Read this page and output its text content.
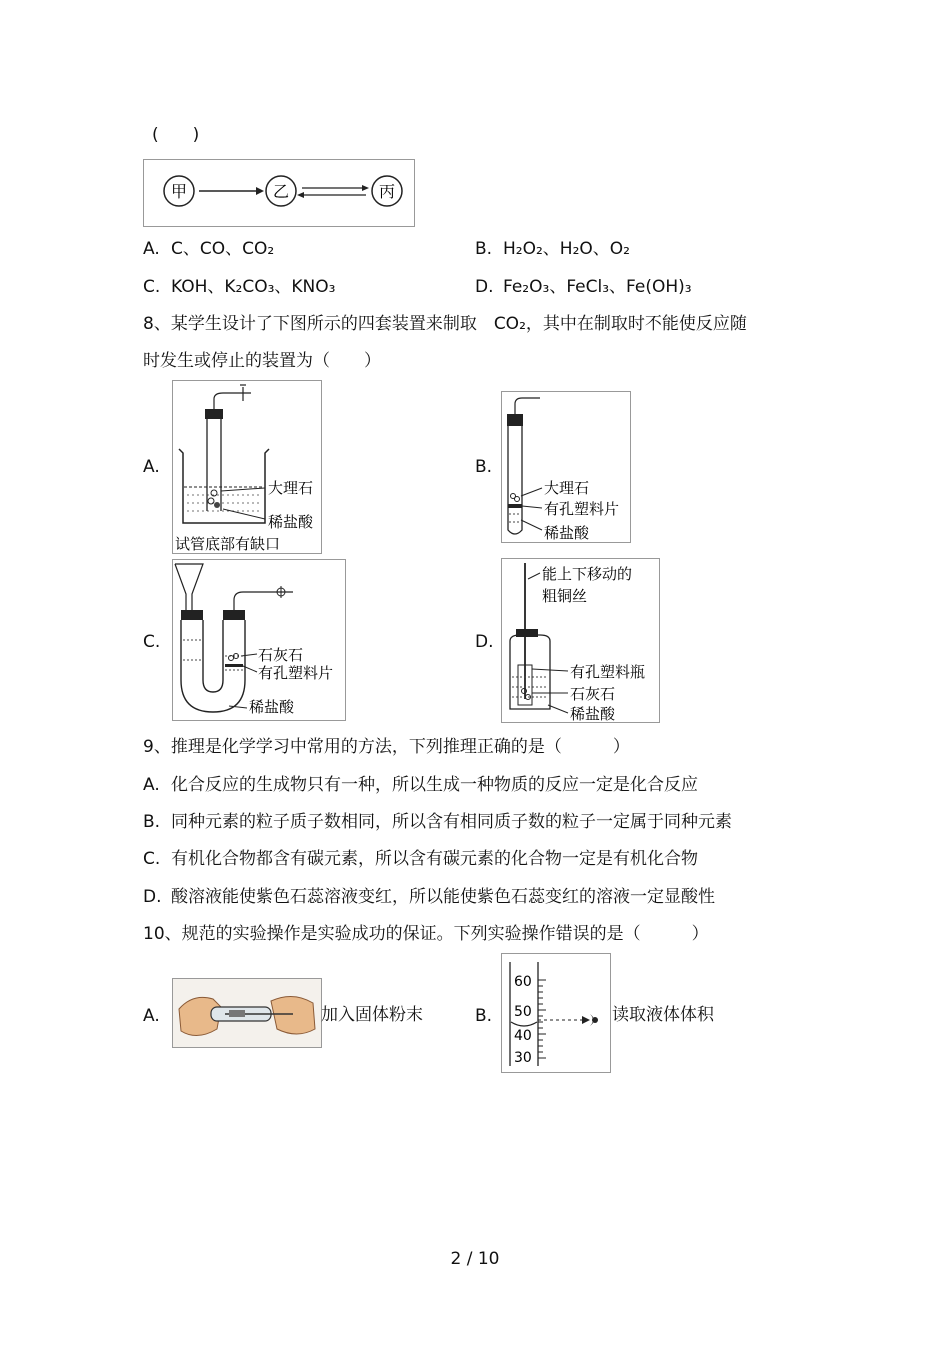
(　　)
甲	乙	丙
A. C、CO、CO₂	B. H₂O₂、H₂O、O₂
C. KOH、K₂CO₃、KNO₃	D. Fe₂O₃、FeCl₃、Fe(OH)₃
8、某学生设计了下图所示的四套装置来制取　CO₂，其中在制取时不能使反应随
时发生或停止的装置为（　　）
A.
大理石
稀盐酸
试管底部有缺口
B.
大理石
有孔塑料片
稀盐酸
C.
石灰石
有孔塑料片
稀盐酸
D.
能上下移动的
粗铜丝
有孔塑料瓶
石灰石
稀盐酸
9、推理是化学学习中常用的方法，下列推理正确的是（　　　）
A. 化合反应的生成物只有一种，所以生成一种物质的反应一定是化合反应
B. 同种元素的粒子质子数相同，所以含有相同质子数的粒子一定属于同种元素
C. 有机化合物都含有碳元素，所以含有碳元素的化合物一定是有机化合物
D. 酸溶液能使紫色石蕊溶液变红，所以能使紫色石蕊变红的溶液一定显酸性
10、规范的实验操作是实验成功的保证。下列实验操作错误的是（　　　）
A.	加入固体粉末	B.
60
50
40
30
读取液体体积
2 / 10
